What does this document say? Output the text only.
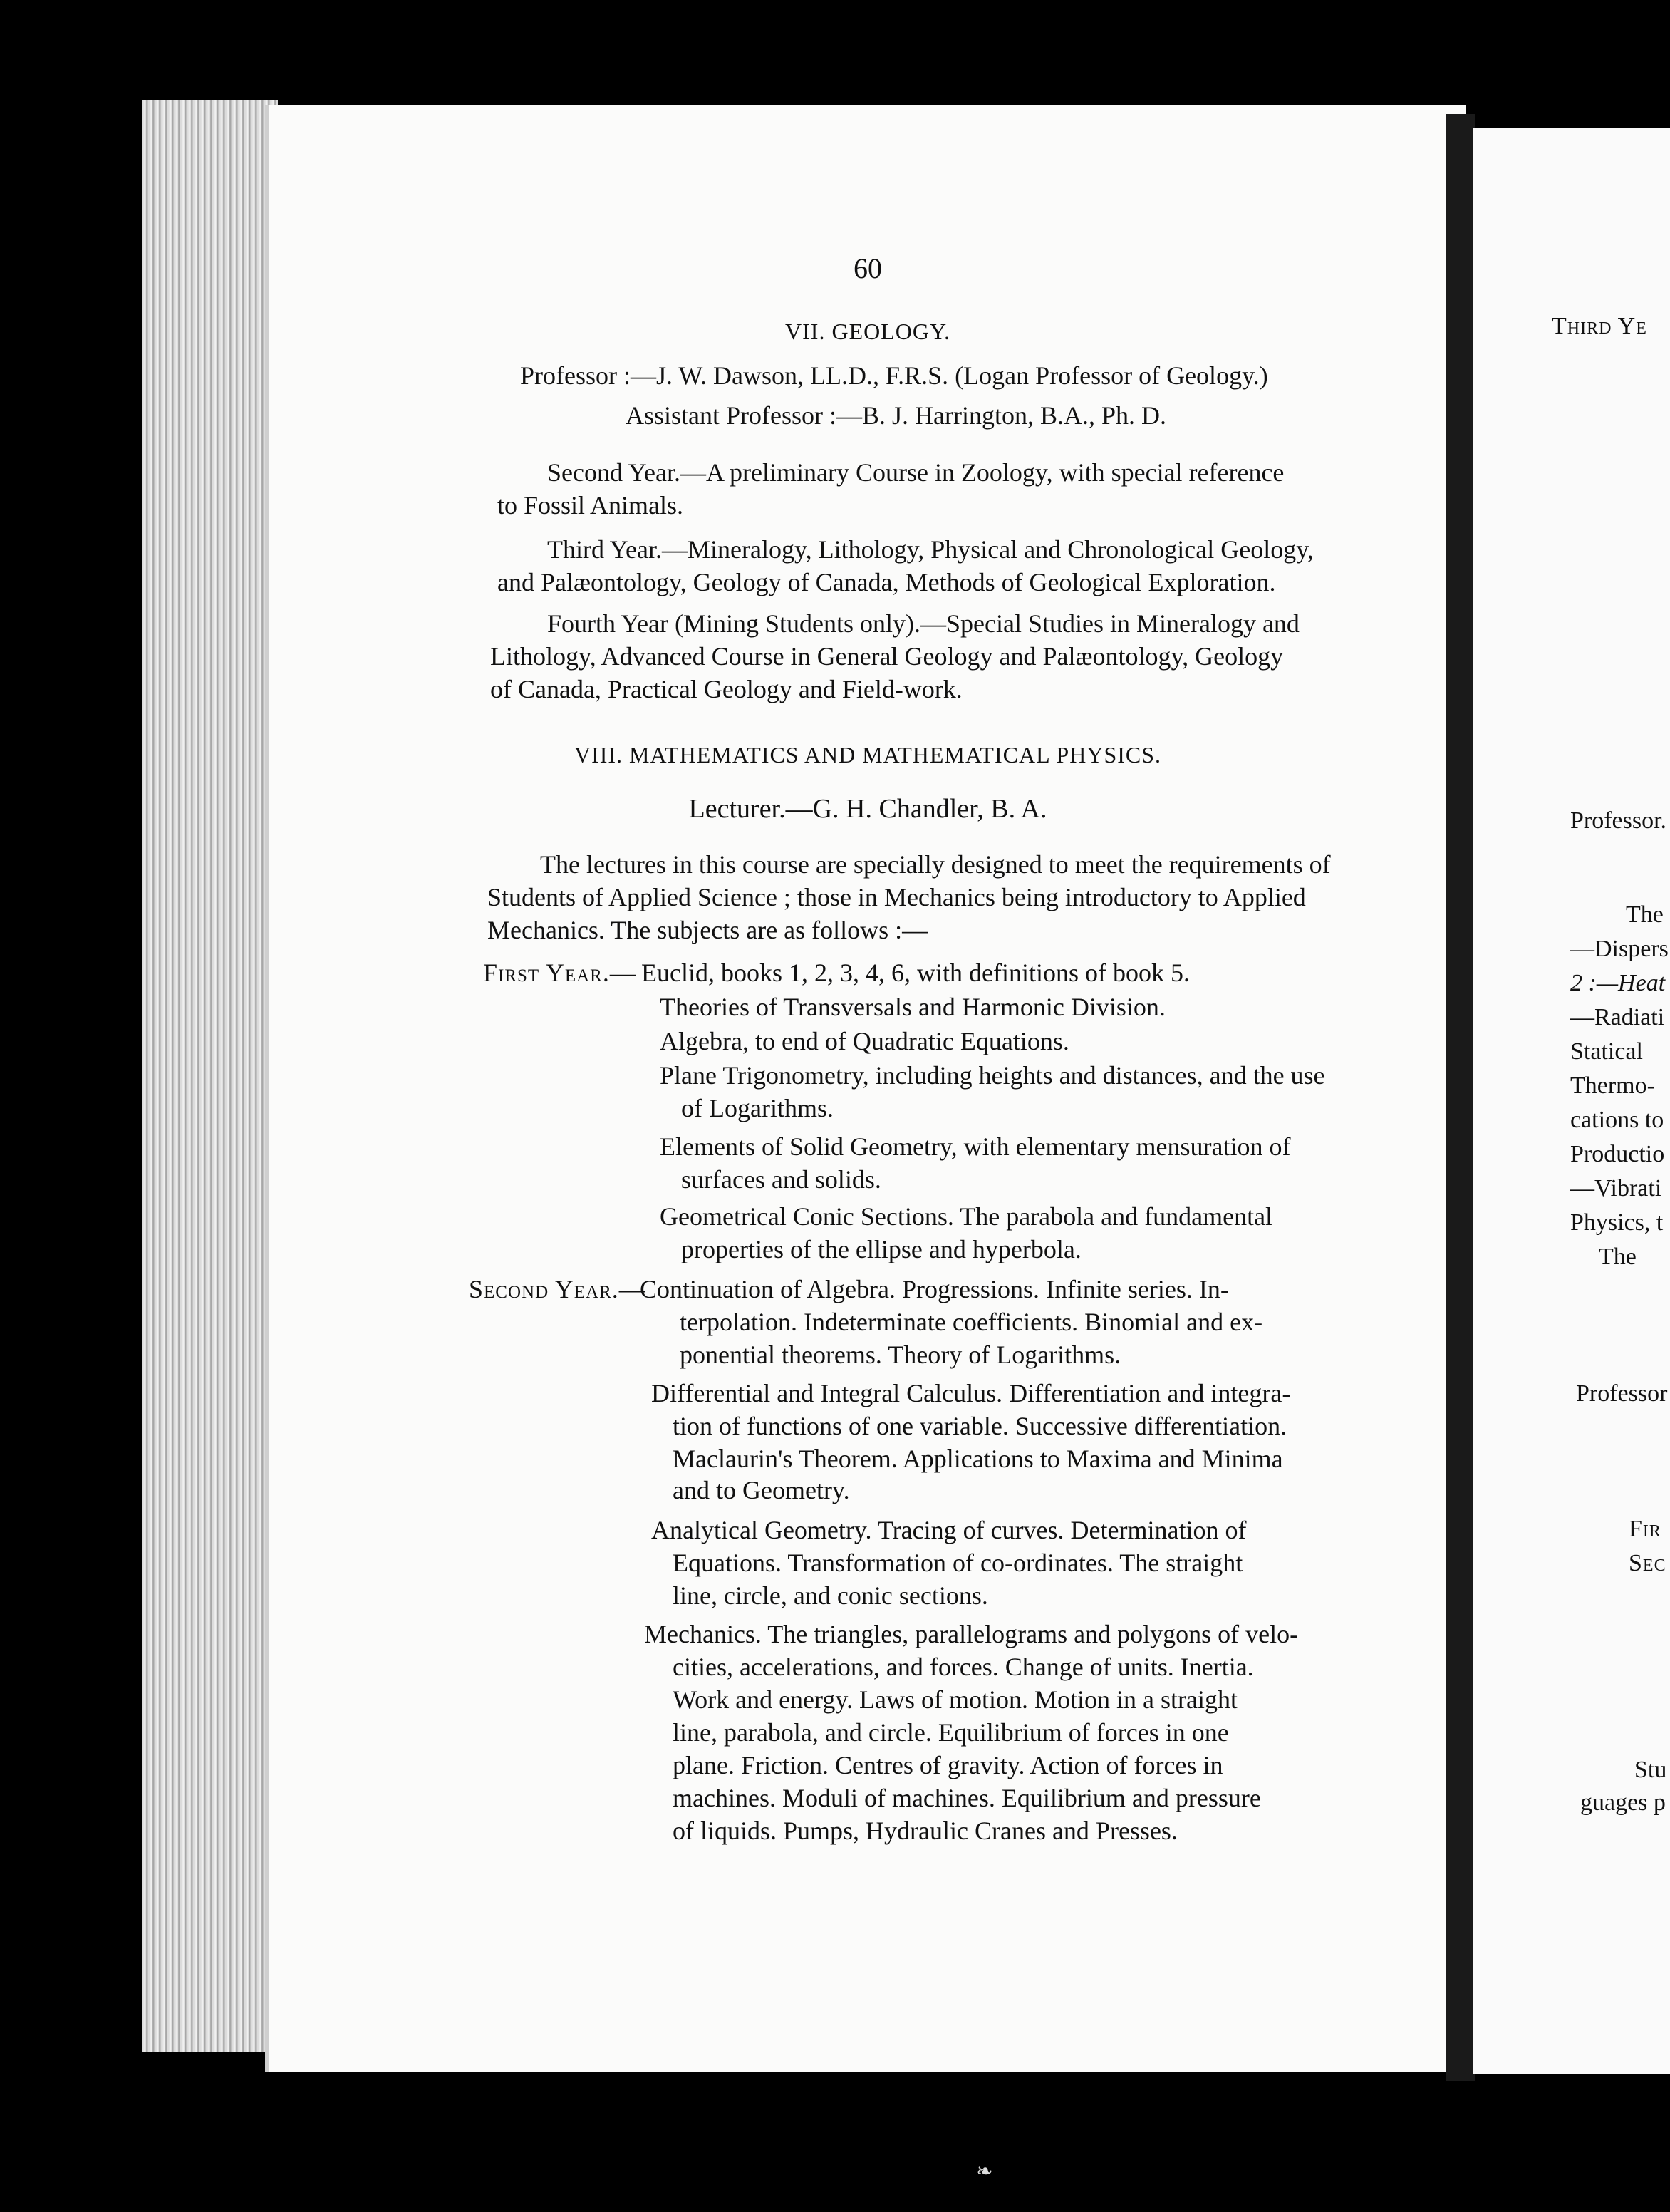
60
VII. GEOLOGY.
Professor :—J. W. Dawson, LL.D., F.R.S. (Logan Professor of Geology.)
Assistant Professor :—B. J. Harrington, B.A., Ph. D.
Second Year.—A preliminary Course in Zoology, with special reference
to Fossil Animals.
Third Year.—Mineralogy, Lithology, Physical and Chronological Geology,
and Palæontology, Geology of Canada, Methods of Geological Exploration.
Fourth Year (Mining Students only).—Special Studies in Mineralogy and
Lithology, Advanced Course in General Geology and Palæontology, Geology
of Canada, Practical Geology and Field-work.
VIII. MATHEMATICS AND MATHEMATICAL PHYSICS.
Lecturer.—G. H. Chandler, B. A.
The lectures in this course are specially designed to meet the requirements of
Students of Applied Science ; those in Mechanics being introductory to Applied
Mechanics. The subjects are as follows :—
First Year.— Euclid, books 1, 2, 3, 4, 6, with definitions of book 5.
Theories of Transversals and Harmonic Division.
Algebra, to end of Quadratic Equations.
Plane Trigonometry, including heights and distances, and the use
of Logarithms.
Elements of Solid Geometry, with elementary mensuration of
surfaces and solids.
Geometrical Conic Sections. The parabola and fundamental
properties of the ellipse and hyperbola.
Second Year.—
Continuation of Algebra. Progressions. Infinite series. In-
terpolation. Indeterminate coefficients. Binomial and ex-
ponential theorems. Theory of Logarithms.
Differential and Integral Calculus. Differentiation and integra-
tion of functions of one variable. Successive differentiation.
Maclaurin's Theorem. Applications to Maxima and Minima
and to Geometry.
Analytical Geometry. Tracing of curves. Determination of
Equations. Transformation of co-ordinates. The straight
line, circle, and conic sections.
Mechanics. The triangles, parallelograms and polygons of velo-
cities, accelerations, and forces. Change of units. Inertia.
Work and energy. Laws of motion. Motion in a straight
line, parabola, and circle. Equilibrium of forces in one
plane. Friction. Centres of gravity. Action of forces in
machines. Moduli of machines. Equilibrium and pressure
of liquids. Pumps, Hydraulic Cranes and Presses.
Third Ye
Professor.
The
—Dispers
2 :—Heat
—Radiati
Statical
Thermo-
cations to
Productio
—Vibrati
Physics, t
The
Professor
Fir
Sec
Stu
guages p
❧
